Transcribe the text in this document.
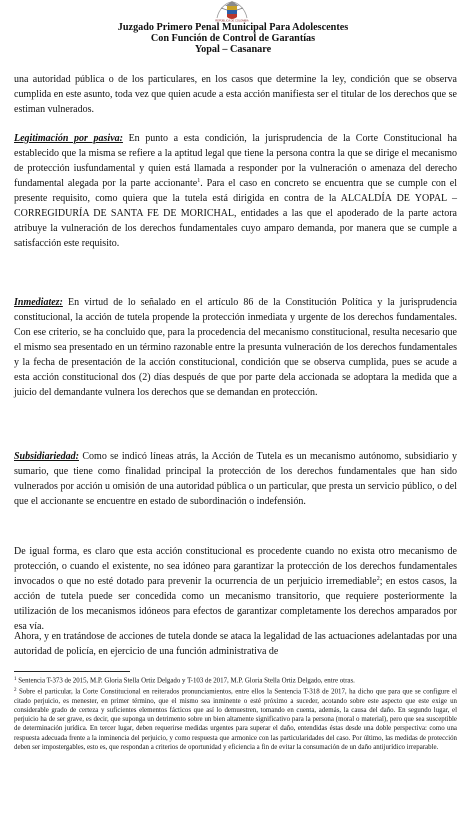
REPÚBLICA DE COLOMBIA
Juzgado Primero Penal Municipal Para Adolescentes
Con Función de Control de Garantías
Yopal – Casanare

una autoridad pública o de los particulares, en los casos que determine la ley, condición que se observa cumplida en este asunto, toda vez que quien acude a esta acción manifiesta ser el titular de los derechos que se estiman vulnerados.

Legitimación por pasiva: En punto a esta condición, la jurisprudencia de la Corte Constitucional ha establecido que la misma se refiere a la aptitud legal que tiene la persona contra la que se dirige el mecanismo de protección iusfundamental y quien está llamada a responder por la vulneración o amenaza del derecho fundamental alegada por la parte accionante$^1$. Para el caso en concreto se encuentra que se cumple con el presente requisito, como quiera que la tutela está dirigida en contra de la ALCALDÍA DE YOPAL – CORREGIDURÍA DE SANTA FE DE MORICHAL, entidades a las que el apoderado de la parte actora atribuye la vulneración de los derechos fundamentales cuyo amparo demanda, por manera que se cumple a satisfacción este requisito.

Inmediatez: En virtud de lo señalado en el artículo 86 de la Constitución Política y la jurisprudencia constitucional, la acción de tutela propende la protección inmediata y urgente de los derechos fundamentales. Con ese criterio, se ha concluido que, para la procedencia del mecanismo constitucional, resulta necesario que el mismo sea presentado en un término razonable entre la presunta vulneración de los derechos fundamentales y la fecha de presentación de la acción constitucional, condición que se observa cumplida, pues se acude a esta acción constitucional dos (2) días después de que por parte dela accionada se adoptara la medida que a juicio del demandante vulnera los derechos que se demandan en protección.

Subsidiariedad: Como se indicó líneas atrás, la Acción de Tutela es un mecanismo autónomo, subsidiario y sumario, que tiene como finalidad principal la protección de los derechos fundamentales que han sido vulnerados por acción u omisión de una autoridad pública o un particular, que presta un servicio público, o del que el accionante se encuentre en estado de subordinación o indefensión.

De igual forma, es claro que esta acción constitucional es procedente cuando no exista otro mecanismo de protección, o cuando el existente, no sea idóneo para garantizar la protección de los derechos fundamentales invocados o que no esté dotado para prevenir la ocurrencia de un perjuicio irremediable$^2$; en estos casos, la acción de tutela puede ser concedida como un mecanismo transitorio, que requiere posteriormente la utilización de los mecanismos idóneos para efectos de garantizar completamente los derechos amparados por esa vía.

Ahora, y en tratándose de acciones de tutela donde se ataca la legalidad de las actuaciones adelantadas por una autoridad de policía, en ejercicio de una función administrativa de

$^1$ Sentencia T-373 de 2015, M.P. Gloria Stella Ortiz Delgado y T-103 de 2017, M.P. Gloria Stella Ortiz Delgado, entre otras.

$^2$ Sobre el particular, la Corte Constitucional en reiterados pronunciamientos, entre ellos la Sentencia T-318 de 2017, ha dicho que para que se configure el citado perjuicio, es menester, en primer término, que el mismo sea inminente o esté próximo a suceder, acotando sobre este aspecto que este exige un considerable grado de certeza y suficientes elementos fácticos que así lo demuestren, tomando en cuenta, además, la causa del daño. En segundo lugar, el perjuicio ha de ser grave, es decir, que suponga un detrimento sobre un bien altamente significativo para la persona (moral o material), pero que sea susceptible de determinación jurídica. En tercer lugar, deben requerirse medidas urgentes para superar el daño, entendidas éstas desde una doble perspectiva: como una respuesta adecuada frente a la inminencia del perjuicio, y como respuesta que armonice con las particularidades del caso. Por último, las medidas de protección deben ser impostergables, esto es, que respondan a criterios de oportunidad y eficiencia a fin de evitar la consumación de un daño antijurídico irreparable.
